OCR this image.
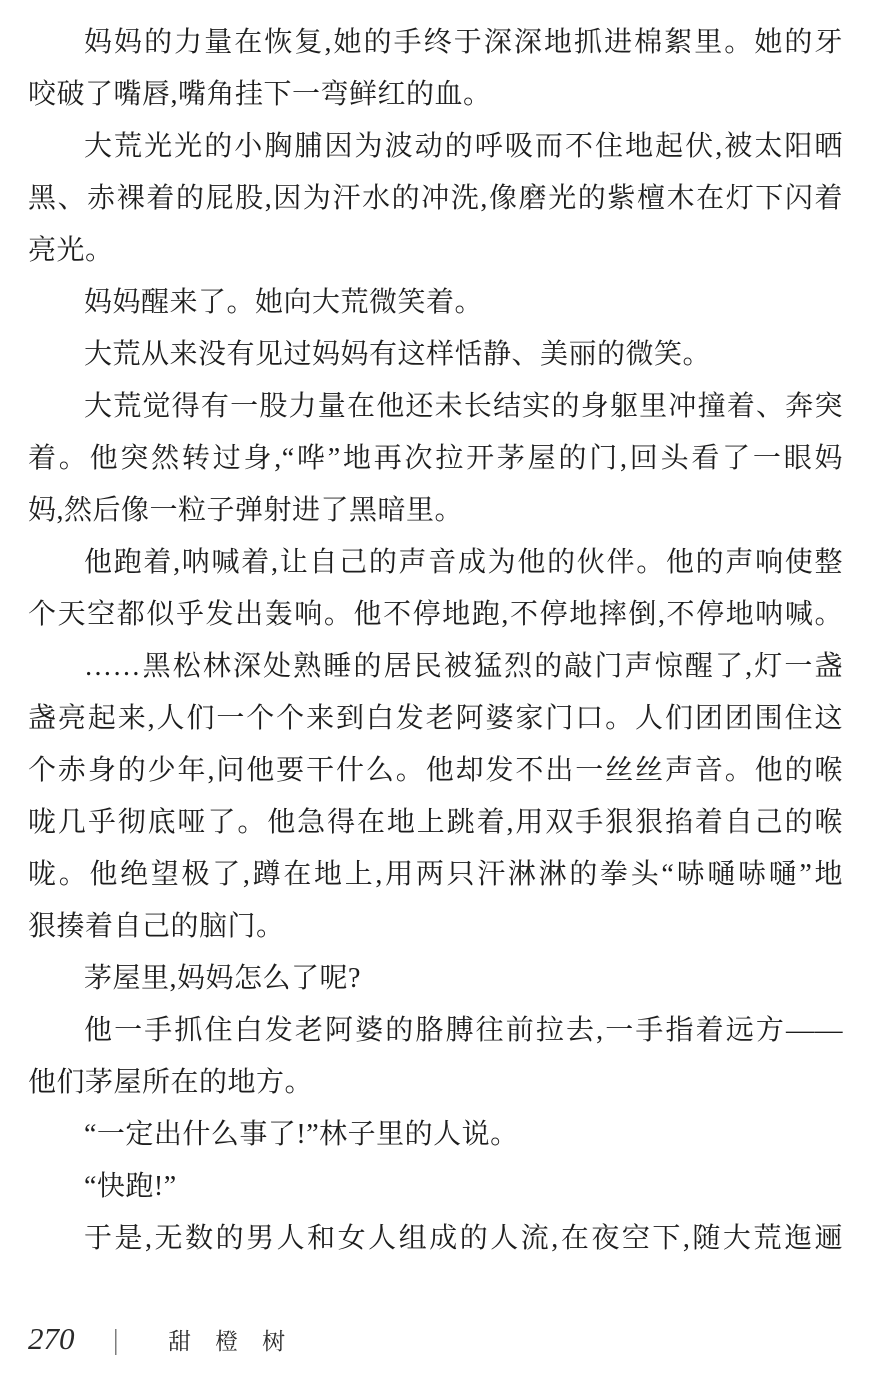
妈妈的力量在恢复,她的手终于深深地抓进棉絮里。她的牙
咬破了嘴唇,嘴角挂下一弯鲜红的血。
大荒光光的小胸脯因为波动的呼吸而不住地起伏,被太阳晒
黑、赤裸着的屁股,因为汗水的冲洗,像磨光的紫檀木在灯下闪着
亮光。
妈妈醒来了。她向大荒微笑着。
大荒从来没有见过妈妈有这样恬静、美丽的微笑。
大荒觉得有一股力量在他还未长结实的身躯里冲撞着、奔突
着。他突然转过身,“哗”地再次拉开茅屋的门,回头看了一眼妈
妈,然后像一粒子弹射进了黑暗里。
他跑着,呐喊着,让自己的声音成为他的伙伴。他的声响使整
个天空都似乎发出轰响。他不停地跑,不停地摔倒,不停地呐喊。
……黑松林深处熟睡的居民被猛烈的敲门声惊醒了,灯一盏
盏亮起来,人们一个个来到白发老阿婆家门口。人们团团围住这
个赤身的少年,问他要干什么。他却发不出一丝丝声音。他的喉
咙几乎彻底哑了。他急得在地上跳着,用双手狠狠掐着自己的喉
咙。他绝望极了,蹲在地上,用两只汗淋淋的拳头“哧嗵哧嗵”地
狠揍着自己的脑门。
茅屋里,妈妈怎么了呢?
他一手抓住白发老阿婆的胳膊往前拉去,一手指着远方——
他们茅屋所在的地方。
“一定出什么事了!”林子里的人说。
“快跑!”
于是,无数的男人和女人组成的人流,在夜空下,随大荒迤逦
270 | 甜橙树
